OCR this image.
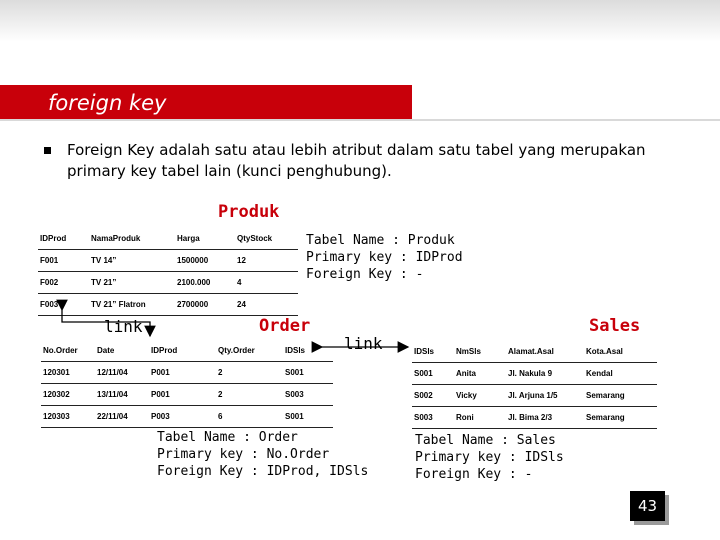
foreign key
Foreign Key adalah satu atau lebih atribut dalam satu tabel yang merupakan primary key tabel lain (kunci penghubung).
Produk
IDProd	NamaProduk	Harga	QtyStock
F001	TV 14”	1500000	12
F002	TV 21”	2100.000	4
F003	TV 21” Flatron	2700000	24
Tabel Name : Produk
Primary key : IDProd
Foreign Key : -
link
link
Order
No.Order	Date	IDProd	Qty.Order	IDSls
120301	12/11/04	P001	2	S001
120302	13/11/04	P001	2	S003
120303	22/11/04	P003	6	S001
Tabel Name : Order
Primary key : No.Order
Foreign Key : IDProd, IDSls
Sales
IDSls	NmSls	Alamat.Asal	Kota.Asal
S001	Anita	Jl. Nakula 9	Kendal
S002	Vicky	Jl. Arjuna 1/5	Semarang
S003	Roni	Jl. Bima 2/3	Semarang
Tabel Name : Sales
Primary key : IDSls
Foreign Key : -
43
